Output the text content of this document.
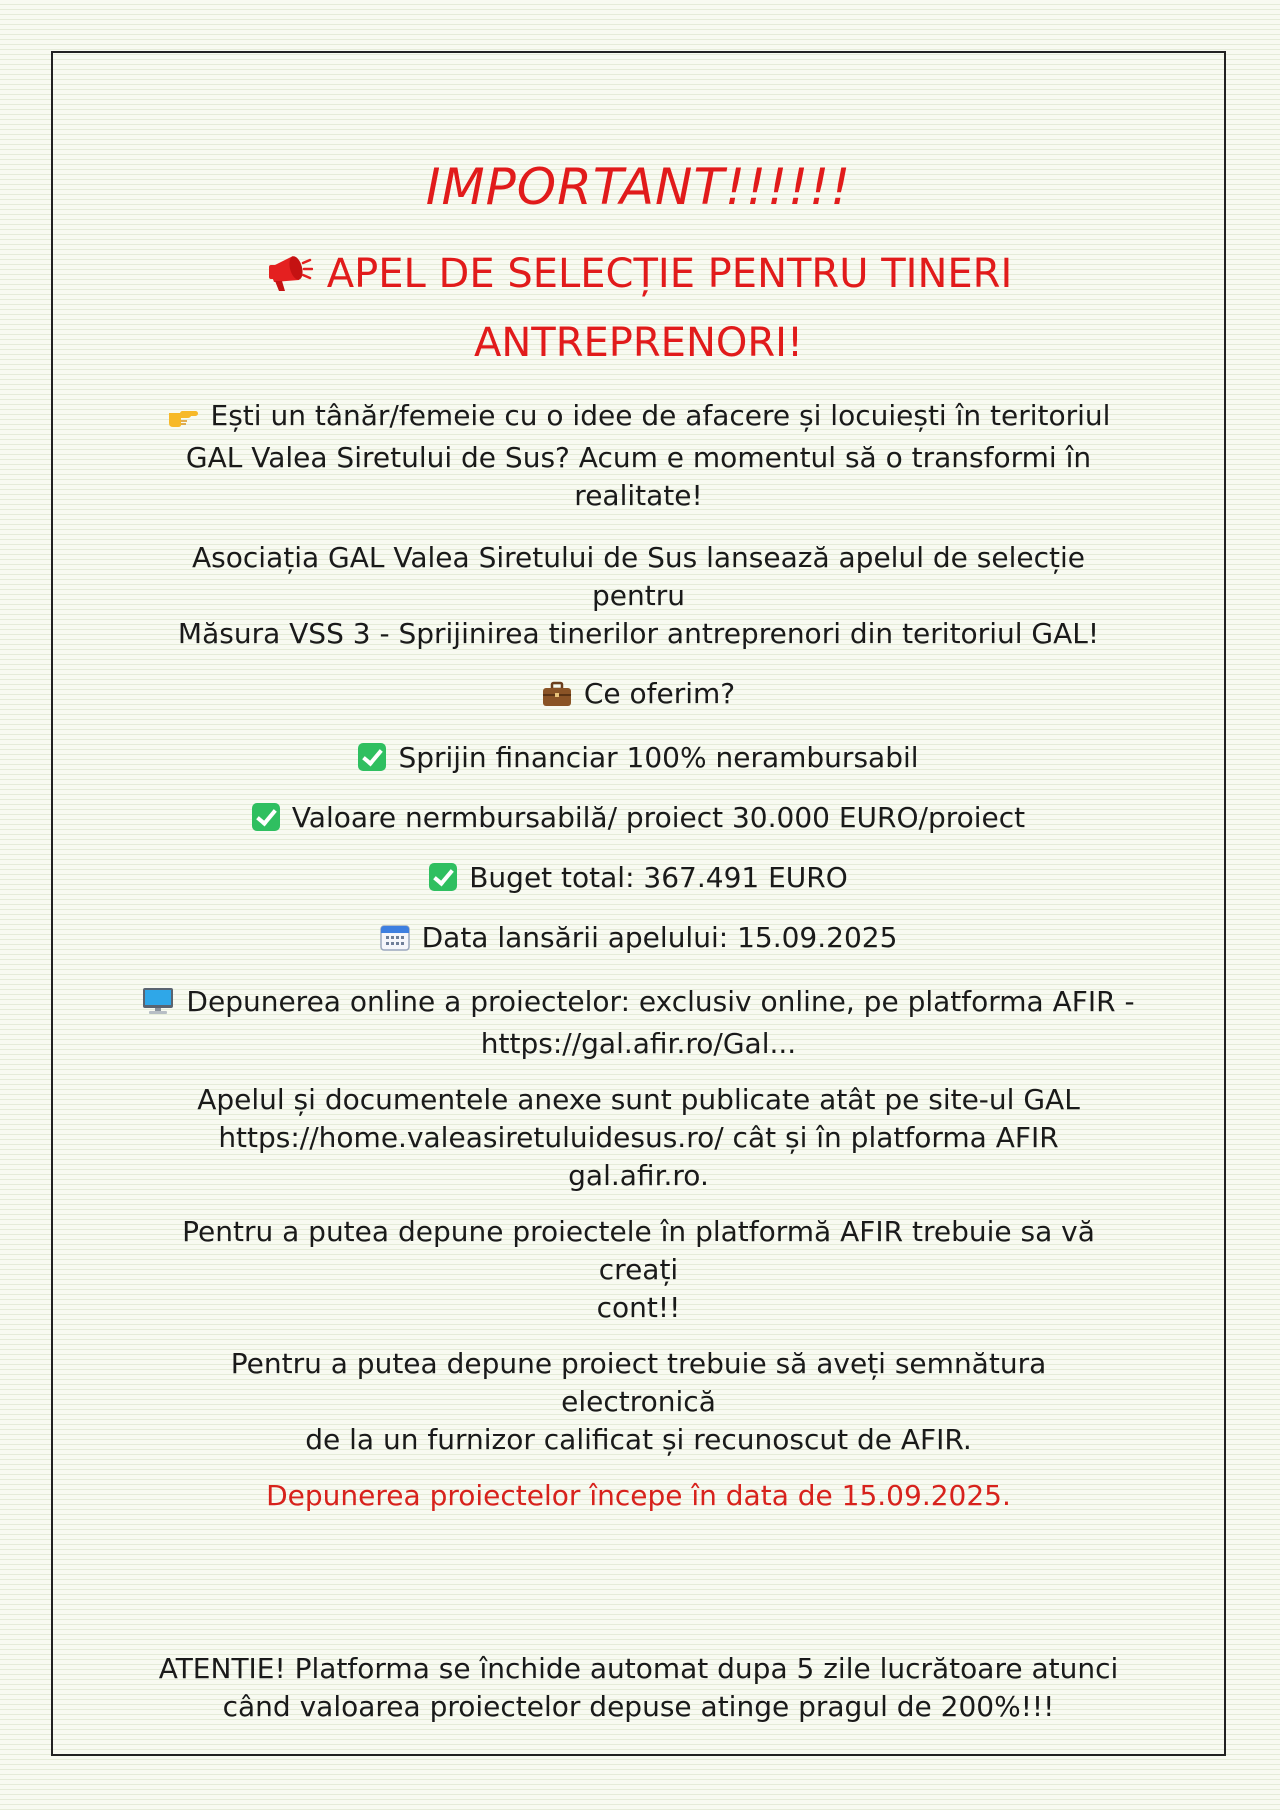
IMPORTANT!!!!!!
APEL DE SELECȚIE PENTRU TINERI
ANTREPRENORI!

Ești un tânăr/femeie cu o idee de afacere și locuiești în teritoriul GAL Valea Siretului de Sus? Acum e momentul să o transformi în realitate!

Asociația GAL Valea Siretului de Sus lansează apelul de selecție pentru
Măsura VSS 3 - Sprijinirea tinerilor antreprenori din teritoriul GAL!

Ce oferim?

Sprijin financiar 100% nerambursabil

Valoare nermbursabilă/ proiect 30.000 EURO/proiect

Buget total: 367.491 EURO

Data lansării apelului: 15.09.2025

Depunerea online a proiectelor: exclusiv online, pe platforma AFIR -
https://gal.afir.ro/Gal...

Apelul și documentele anexe sunt publicate atât pe site-ul GAL
https://home.valeasiretuluidesus.ro/ cât și în platforma AFIR
gal.afir.ro.

Pentru a putea depune proiectele în platformă AFIR trebuie sa vă creați
cont!!

Pentru a putea depune proiect trebuie să aveți semnătura electronică
de la un furnizor calificat și recunoscut de AFIR.

Depunerea proiectelor începe în data de 15.09.2025.

ATENTIE! Platforma se închide automat dupa 5 zile lucrătoare atunci
când valoarea proiectelor depuse atinge pragul de 200%!!!
